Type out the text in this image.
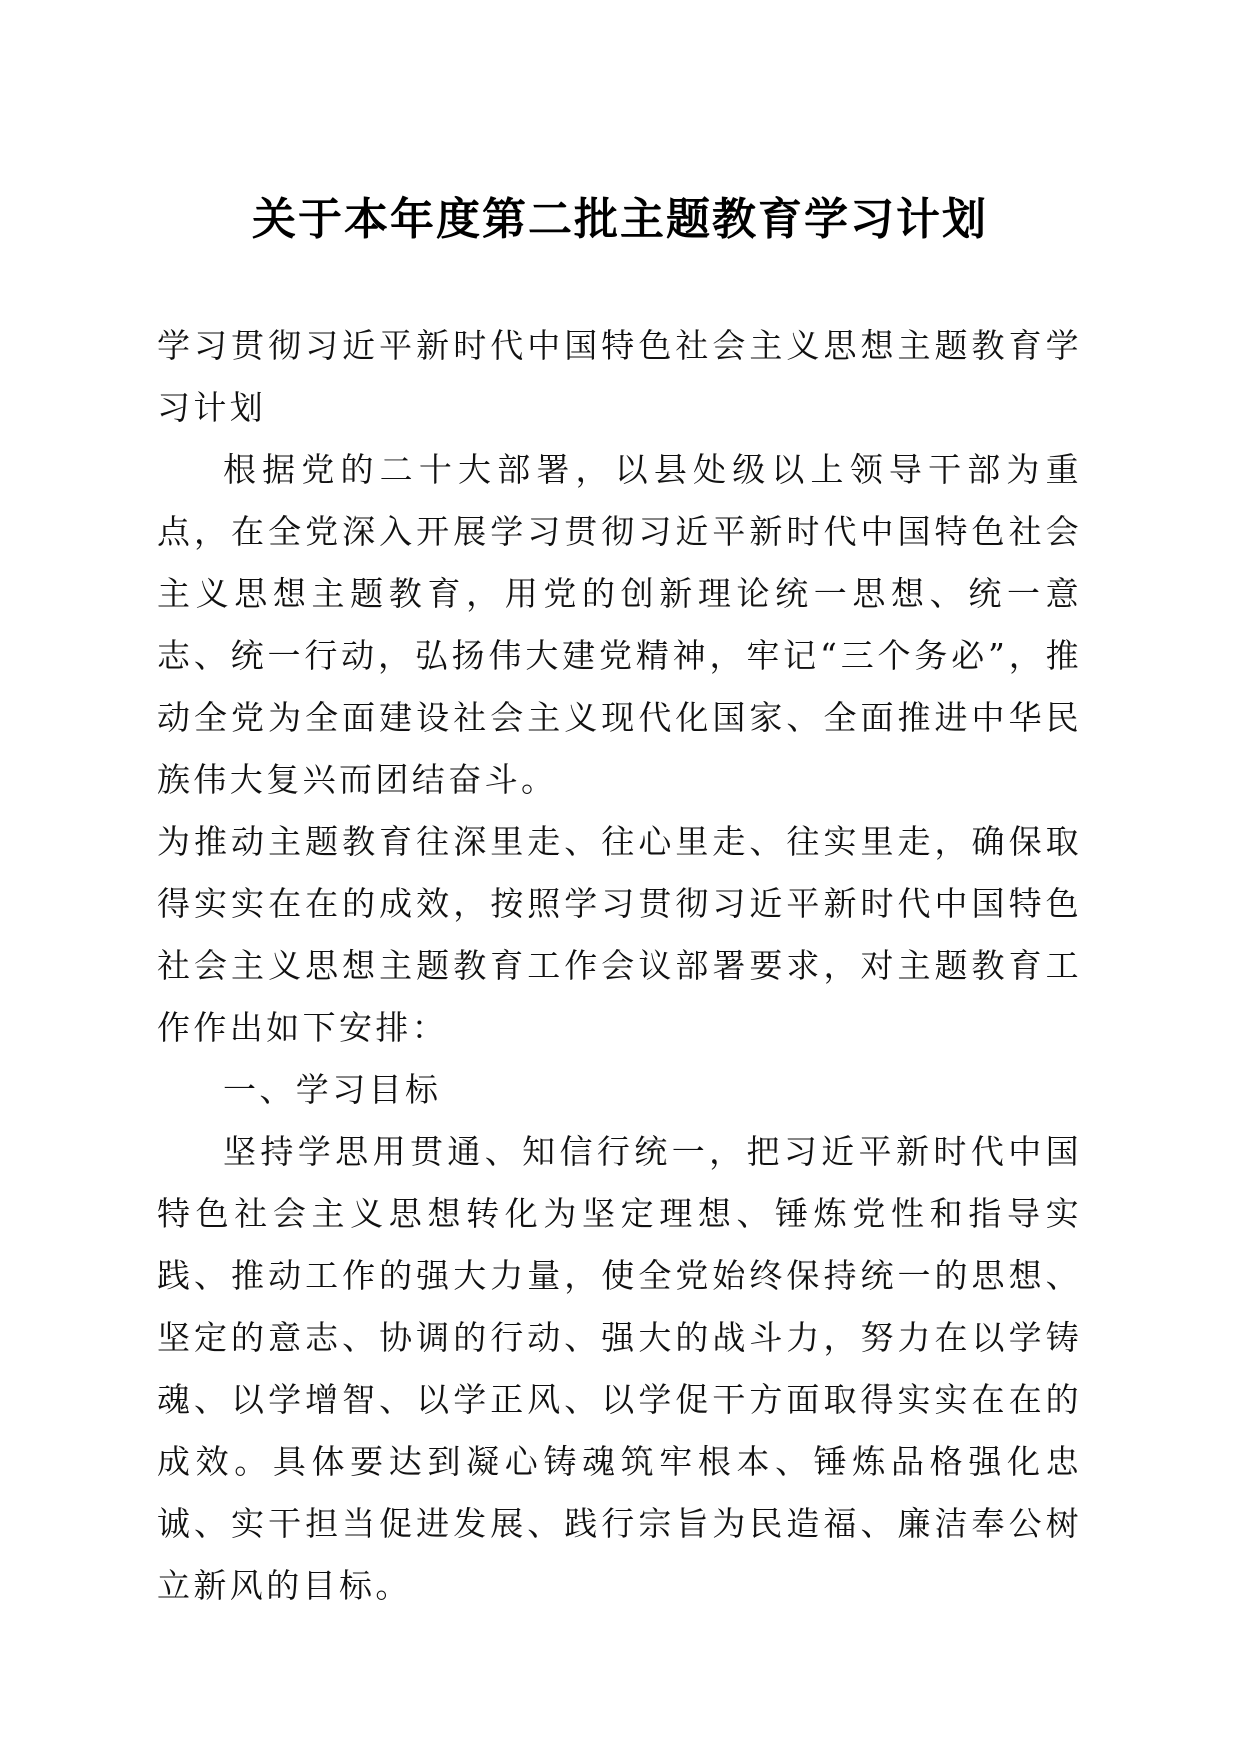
关于本年度第二批主题教育学习计划

学习贯彻习近平新时代中国特色社会主义思想主题教育学习计划

根据党的二十大部署，以县处级以上领导干部为重点，在全党深入开展学习贯彻习近平新时代中国特色社会主义思想主题教育，用党的创新理论统一思想、统一意志、统一行动，弘扬伟大建党精神，牢记“三个务必”，推动全党为全面建设社会主义现代化国家、全面推进中华民族伟大复兴而团结奋斗。

为推动主题教育往深里走、往心里走、往实里走，确保取得实实在在的成效，按照学习贯彻习近平新时代中国特色社会主义思想主题教育工作会议部署要求，对主题教育工作作出如下安排：

一、学习目标

坚持学思用贯通、知信行统一，把习近平新时代中国特色社会主义思想转化为坚定理想、锤炼党性和指导实践、推动工作的强大力量，使全党始终保持统一的思想、坚定的意志、协调的行动、强大的战斗力，努力在以学铸魂、以学增智、以学正风、以学促干方面取得实实在在的成效。具体要达到凝心铸魂筑牢根本、锤炼品格强化忠诚、实干担当促进发展、践行宗旨为民造福、廉洁奉公树立新风的目标。
